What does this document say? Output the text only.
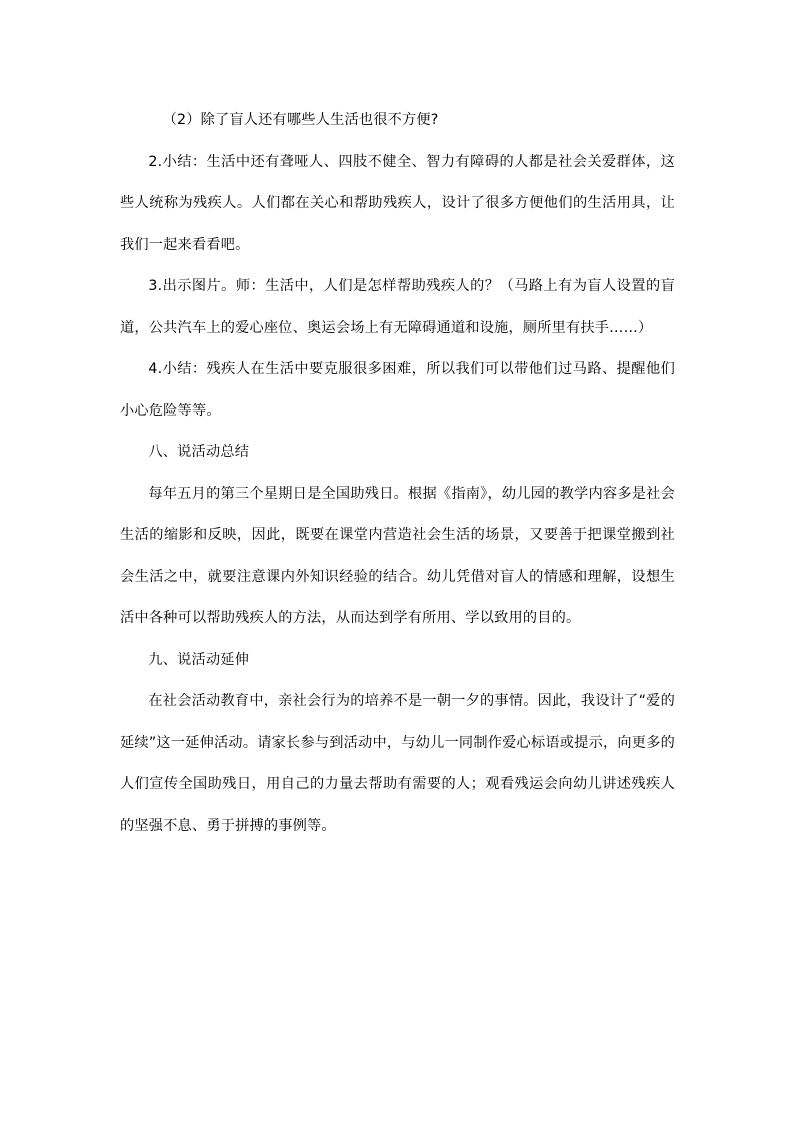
（2）除了盲人还有哪些人生活也很不方便?

2.小结：生活中还有聋哑人、四肢不健全、智力有障碍的人都是社会关爱群体，这些人统称为残疾人。人们都在关心和帮助残疾人，设计了很多方便他们的生活用具，让我们一起来看看吧。

3.出示图片。师：生活中，人们是怎样帮助残疾人的？（马路上有为盲人设置的盲道，公共汽车上的爱心座位、奥运会场上有无障碍通道和设施，厕所里有扶手……）

4.小结：残疾人在生活中要克服很多困难，所以我们可以带他们过马路、提醒他们小心危险等等。

八、说活动总结

每年五月的第三个星期日是全国助残日。根据《指南》，幼儿园的教学内容多是社会生活的缩影和反映，因此，既要在课堂内营造社会生活的场景，又要善于把课堂搬到社会生活之中，就要注意课内外知识经验的结合。幼儿凭借对盲人的情感和理解，设想生活中各种可以帮助残疾人的方法，从而达到学有所用、学以致用的目的。

九、说活动延伸

在社会活动教育中，亲社会行为的培养不是一朝一夕的事情。因此，我设计了“爱的延续”这一延伸活动。请家长参与到活动中，与幼儿一同制作爱心标语或提示，向更多的人们宣传全国助残日，用自己的力量去帮助有需要的人；观看残运会向幼儿讲述残疾人的坚强不息、勇于拼搏的事例等。
